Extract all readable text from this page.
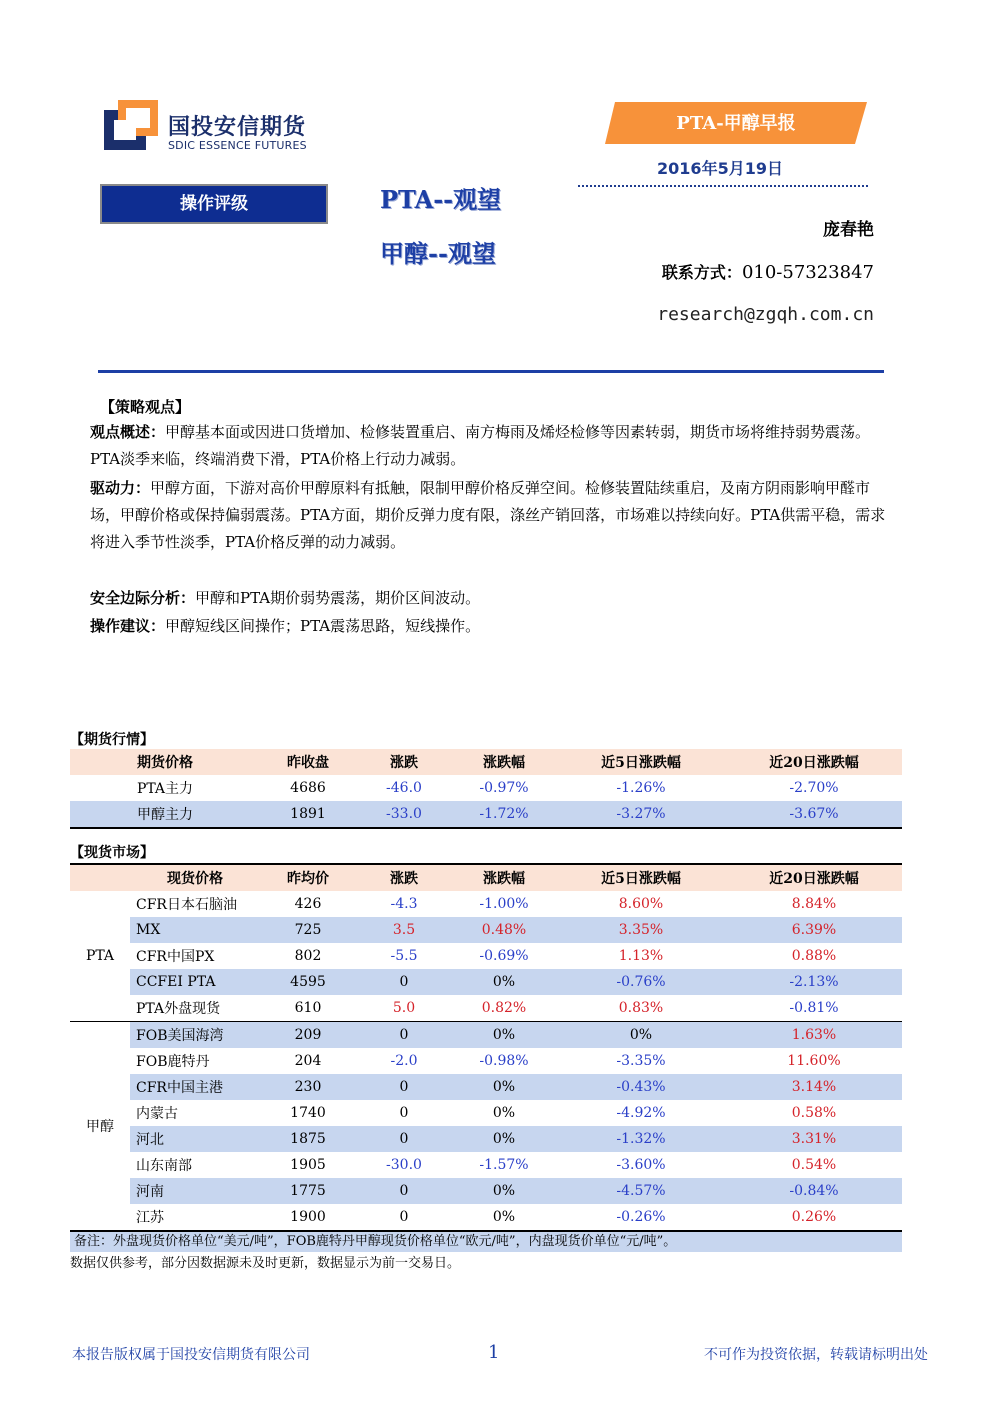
国投安信期货
SDIC ESSENCE FUTURES
PTA-甲醇早报
2016年5月19日
操作评级	PTA--观望
甲醇--观望
庞春艳
联系方式：010-57323847
research@zgqh.com.cn
【策略观点】
观点概述：甲醇基本面或因进口货增加、检修装置重启、南方梅雨及烯烃检修等因素转弱，期货市场将维持弱势震荡。PTA淡季来临，终端消费下滑，PTA价格上行动力减弱。
驱动力：甲醇方面，下游对高价甲醇原料有抵触，限制甲醇价格反弹空间。检修装置陆续重启，及南方阴雨影响甲醛市场，甲醇价格或保持偏弱震荡。PTA方面，期价反弹力度有限，涤丝产销回落，市场难以持续向好。PTA供需平稳，需求将进入季节性淡季，PTA价格反弹的动力减弱。
安全边际分析：甲醇和PTA期价弱势震荡，期价区间波动。
操作建议：甲醇短线区间操作；PTA震荡思路，短线操作。
【期货行情】
期货价格	昨收盘	涨跌	涨跌幅	近5日涨跌幅	近20日涨跌幅
PTA主力	4686	-46.0	-0.97%	-1.26%	-2.70%
甲醇主力	1891	-33.0	-1.72%	-3.27%	-3.67%
【现货市场】
	现货价格	昨均价	涨跌	涨跌幅	近5日涨跌幅	近20日涨跌幅
PTA	CFR日本石脑油	426	-4.3	-1.00%	8.60%	8.84%
	MX	725	3.5	0.48%	3.35%	6.39%
	CFR中国PX	802	-5.5	-0.69%	1.13%	0.88%
	CCFEI PTA	4595	0	0%	-0.76%	-2.13%
	PTA外盘现货	610	5.0	0.82%	0.83%	-0.81%
甲醇	FOB美国海湾	209	0	0%	0%	1.63%
	FOB鹿特丹	204	-2.0	-0.98%	-3.35%	11.60%
	CFR中国主港	230	0	0%	-0.43%	3.14%
	内蒙古	1740	0	0%	-4.92%	0.58%
	河北	1875	0	0%	-1.32%	3.31%
	山东南部	1905	-30.0	-1.57%	-3.60%	0.54%
	河南	1775	0	0%	-4.57%	-0.84%
	江苏	1900	0	0%	-0.26%	0.26%
备注：外盘现货价格单位“美元/吨”，FOB鹿特丹甲醇现货价格单位“欧元/吨”，内盘现货价单位“元/吨”。
数据仅供参考，部分因数据源未及时更新，数据显示为前一交易日。
本报告版权属于国投安信期货有限公司	1	不可作为投资依据，转载请标明出处
